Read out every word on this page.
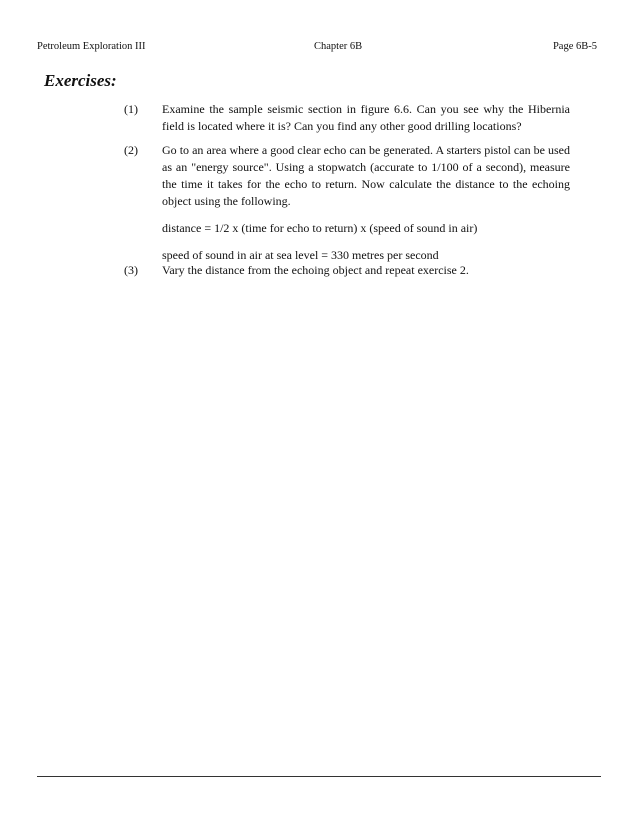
Petroleum Exploration III	Chapter 6B	Page 6B-5
Exercises:
(1) Examine the sample seismic section in figure 6.6. Can you see why the Hibernia field is located where it is? Can you find any other good drilling locations?

(2) Go to an area where a good clear echo can be generated. A starters pistol can be used as an "energy source". Using a stopwatch (accurate to 1/100 of a second), measure the time it takes for the echo to return. Now calculate the distance to the echoing object using the following.

distance = 1/2 x (time for echo to return) x (speed of sound in air)

speed of sound in air at sea level = 330 metres per second

(3) Vary the distance from the echoing object and repeat exercise 2.
